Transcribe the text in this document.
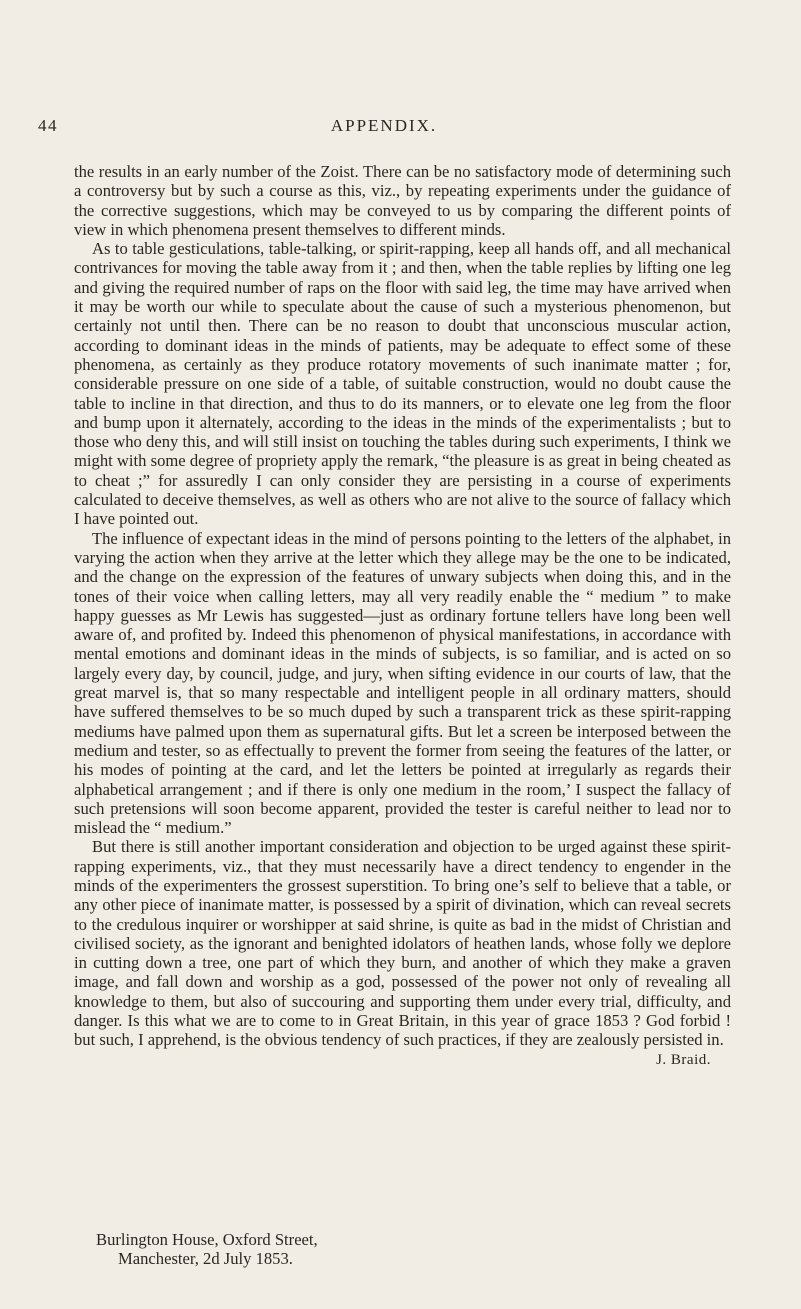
44	APPENDIX.

the results in an early number of the Zoist. There can be no satisfactory mode of determining such a controversy but by such a course as this, viz., by repeating experiments under the guidance of the corrective suggestions, which may be conveyed to us by comparing the different points of view in which phenomena present themselves to different minds.

As to table gesticulations, table-talking, or spirit-rapping, keep all hands off, and all mechanical contrivances for moving the table away from it ; and then, when the table replies by lifting one leg and giving the required number of raps on the floor with said leg, the time may have arrived when it may be worth our while to speculate about the cause of such a mysterious phenomenon, but certainly not until then. There can be no reason to doubt that unconscious muscular action, according to dominant ideas in the minds of patients, may be adequate to effect some of these phenomena, as certainly as they produce rotatory movements of such inanimate matter ; for, considerable pressure on one side of a table, of suitable construction, would no doubt cause the table to incline in that direction, and thus to do its manners, or to elevate one leg from the floor and bump upon it alternately, according to the ideas in the minds of the experimentalists ; but to those who deny this, and will still insist on touching the tables during such experiments, I think we might with some degree of propriety apply the remark, “the pleasure is as great in being cheated as to cheat ;” for assuredly I can only consider they are persisting in a course of experiments calculated to deceive themselves, as well as others who are not alive to the source of fallacy which I have pointed out.

The influence of expectant ideas in the mind of persons pointing to the letters of the alphabet, in varying the action when they arrive at the letter which they allege may be the one to be indicated, and the change on the expression of the features of unwary subjects when doing this, and in the tones of their voice when calling letters, may all very readily enable the “ medium ” to make happy guesses as Mr Lewis has suggested—just as ordinary fortune tellers have long been well aware of, and profited by. Indeed this phenomenon of physical manifestations, in accordance with mental emotions and dominant ideas in the minds of subjects, is so familiar, and is acted on so largely every day, by council, judge, and jury, when sifting evidence in our courts of law, that the great marvel is, that so many respectable and intelligent people in all ordinary matters, should have suffered themselves to be so much duped by such a transparent trick as these spirit-rapping mediums have palmed upon them as supernatural gifts. But let a screen be interposed between the medium and tester, so as effectually to prevent the former from seeing the features of the latter, or his modes of pointing at the card, and let the letters be pointed at irregularly as regards their alphabetical arrangement ; and if there is only one medium in the room,’ I suspect the fallacy of such pretensions will soon become apparent, provided the tester is careful neither to lead nor to mislead the “ medium.”

But there is still another important consideration and objection to be urged against these spirit-rapping experiments, viz., that they must necessarily have a direct tendency to engender in the minds of the experimenters the grossest superstition. To bring one’s self to believe that a table, or any other piece of inanimate matter, is possessed by a spirit of divination, which can reveal secrets to the credulous inquirer or worshipper at said shrine, is quite as bad in the midst of Christian and civilised society, as the ignorant and benighted idolators of heathen lands, whose folly we deplore in cutting down a tree, one part of which they burn, and another of which they make a graven image, and fall down and worship as a god, possessed of the power not only of revealing all knowledge to them, but also of succouring and supporting them under every trial, difficulty, and danger. Is this what we are to come to in Great Britain, in this year of grace 1853 ? God forbid ! but such, I apprehend, is the obvious tendency of such practices, if they are zealously persisted in.

J. Braid.
Burlington House, Oxford Street,
Manchester, 2d July 1853.
